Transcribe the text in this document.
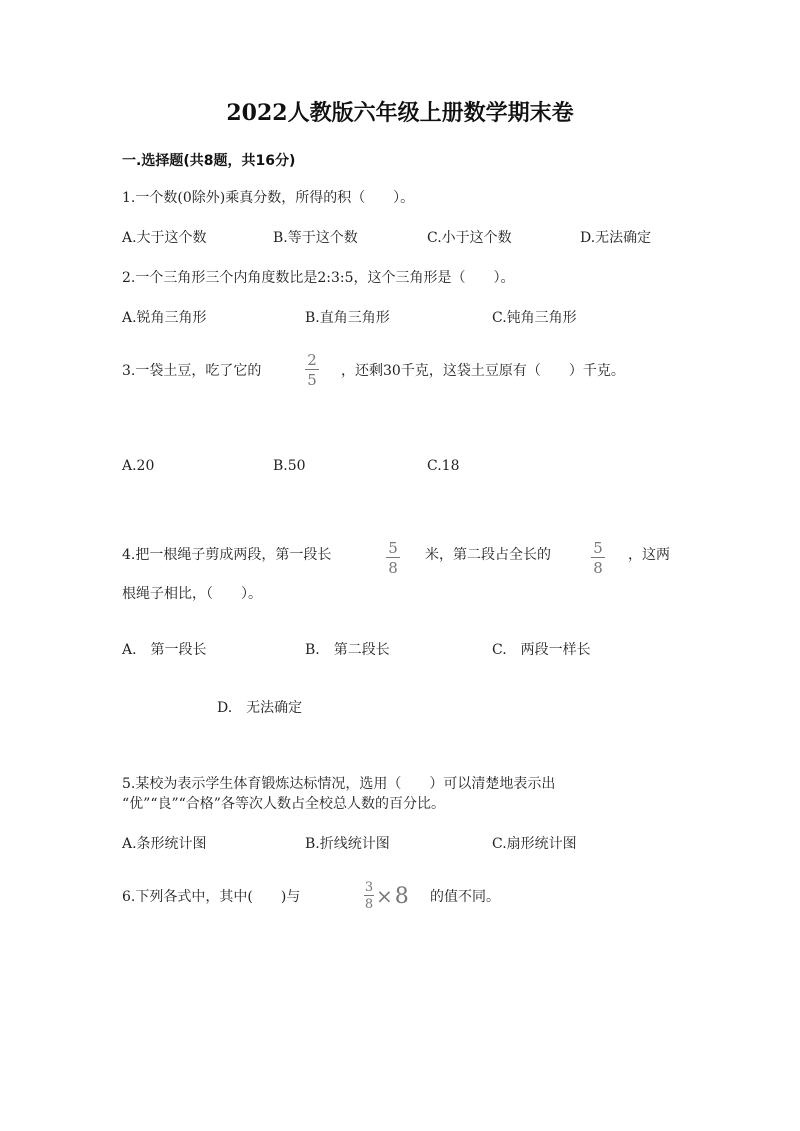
2022人教版六年级上册数学期末卷
一.选择题(共8题，共16分)
1.一个数(0除外)乘真分数，所得的积（　　）。
A.大于这个数	B.等于这个数	C.小于这个数	D.无法确定
2.一个三角形三个内角度数比是2:3:5，这个三角形是（　　）。
A.锐角三角形	B.直角三角形	C.钝角三角形
3.一袋土豆，吃了它的
2
5 ，还剩30千克，这袋土豆原有（　　）千克。
A.20	B.50	C.18
4.把一根绳子剪成两段，第一段长	5
8
米，第二段占全长的	5
8
，这两
根绳子相比，（　　）。
A.　第一段长	B.　第二段长	C.　两段一样长
D.　无法确定
5.某校为表示学生体育锻炼达标情况，选用（　　）可以清楚地表示出
“优”“良”“合格”各等次人数占全校总人数的百分比。
A.条形统计图	B.折线统计图	C.扇形统计图
6.下列各式中，其中(　　)与	$\frac{3}{8} \times 8$ 的值不同。
